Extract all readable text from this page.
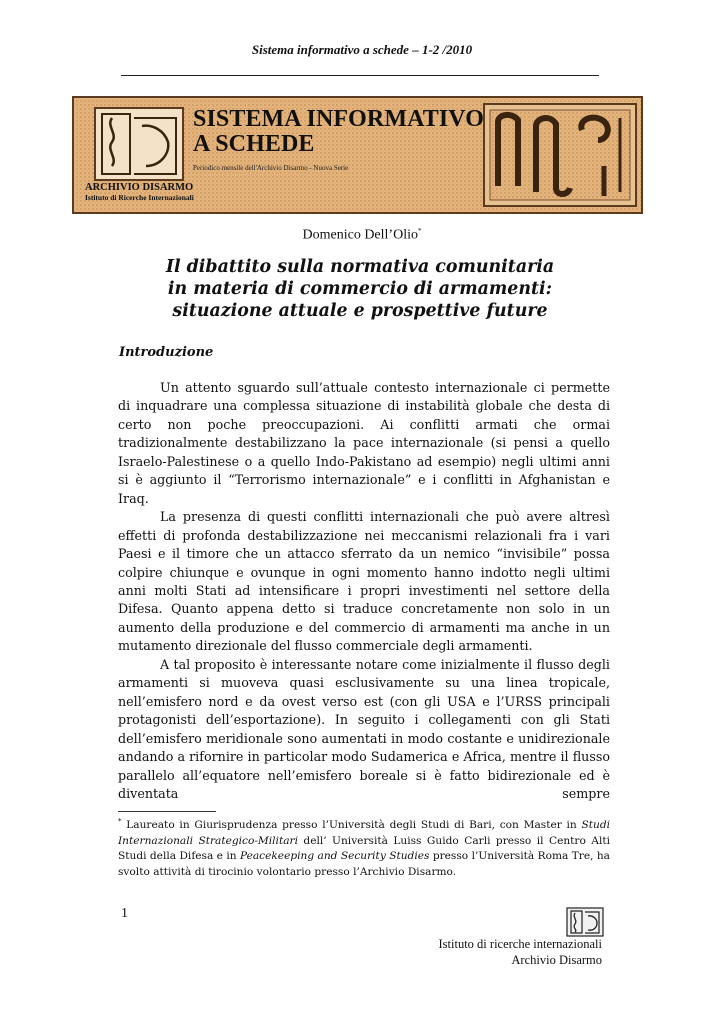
Sistema informativo a schede – 1-2 /2010
SISTEMA INFORMATIVO
A SCHEDE
Periodico mensile dell'Archivio Disarmo - Nuova Serie
ARCHIVIO DISARMO
Istituto di Ricerche Internazionali
Domenico Dell’Olio*
Il dibattito sulla normativa comunitaria
in materia di commercio di armamenti:
situazione attuale e prospettive future
Introduzione

Un attento sguardo sull’attuale contesto internazionale ci permette di inquadrare una complessa situazione di instabilità globale che desta di certo non poche preoccupazioni. Ai conflitti armati che ormai tradizionalmente destabilizzano la pace internazionale (si pensi a quello Israelo-Palestinese o a quello Indo-Pakistano ad esempio) negli ultimi anni si è aggiunto il “Terrorismo internazionale” e i conflitti in Afghanistan e Iraq.

La presenza di questi conflitti internazionali che può avere altresì effetti di profonda destabilizzazione nei meccanismi relazionali fra i vari Paesi e il timore che un attacco sferrato da un nemico “invisibile” possa colpire chiunque e ovunque in ogni momento hanno indotto negli ultimi anni molti Stati ad intensificare i propri investimenti nel settore della Difesa. Quanto appena detto si traduce concretamente non solo in un aumento della produzione e del commercio di armamenti ma anche in un mutamento direzionale del flusso commerciale degli armamenti.

A tal proposito è interessante notare come inizialmente il flusso degli armamenti si muoveva quasi esclusivamente su una linea tropicale, nell’emisfero nord e da ovest verso est (con gli USA e l’URSS principali protagonisti dell’esportazione). In seguito i collegamenti con gli Stati dell’emisfero meridionale sono aumentati in modo costante e unidirezionale andando a rifornire in particolar modo Sudamerica e Africa, mentre il flusso parallelo all’equatore nell’emisfero boreale si è fatto bidirezionale ed è diventata sempre

* Laureato in Giurisprudenza presso l’Università degli Studi di Bari, con Master in Studi Internazionali Strategico-Militari dell’ Università Luiss Guido Carli presso il Centro Alti Studi della Difesa e in Peacekeeping and Security Studies presso l’Università Roma Tre, ha svolto attività di tirocinio volontario presso l’Archivio Disarmo.
1
Istituto di ricerche internazionali
Archivio Disarmo
